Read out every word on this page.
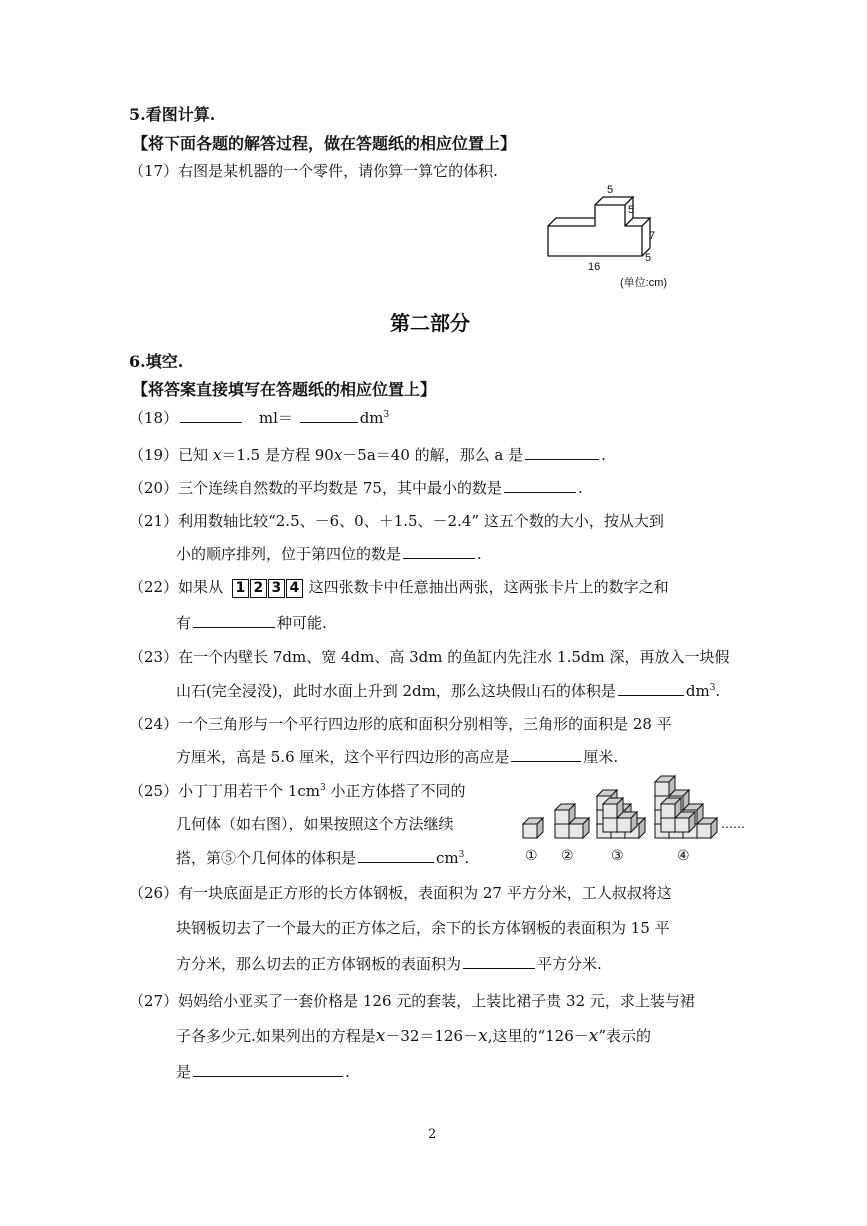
5.看图计算.
【将下面各题的解答过程，做在答题纸的相应位置上】
（17）右图是某机器的一个零件，请你算一算它的体积.
5
5
7
5
16
(单位:cm)
第二部分
6.填空.
【将答案直接填写在答题纸的相应位置上】
（18）	ml＝	$dm^3$
（19）已知 x＝1.5 是方程 90x－5a＝40 的解，那么 a 是	.
（20）三个连续自然数的平均数是 75，其中最小的数是	.
（21）利用数轴比较“2.5、－6、0、＋1.5、－2.4” 这五个数的大小，按从大到
小的顺序排列，位于第四位的数是	.
（22）如果从 1 2 3 4 这四张数卡中任意抽出两张，这两张卡片上的数字之和
有	种可能.
（23）在一个内壁长 7dm、宽 4dm、高 3dm 的鱼缸内先注水 1.5dm 深，再放入一块假
山石(完全浸没)，此时水面上升到 2dm，那么这块假山石的体积是	$dm^3$.
（24）一个三角形与一个平行四边形的底和面积分别相等，三角形的面积是 28 平
方厘米，高是 5.6 厘米，这个平行四边形的高应是	厘米.
（25）小丁丁用若干个 $1cm^3$ 小正方体搭了不同的
几何体（如右图），如果按照这个方法继续
搭，第⑤个几何体的体积是	$cm^3$.	① ②	③	④
……
（26）有一块底面是正方形的长方体钢板，表面积为 27 平方分米，工人叔叔将这
块钢板切去了一个最大的正方体之后，余下的长方体钢板的表面积为 15 平
方分米，那么切去的正方体钢板的表面积为	平方分米.
（27）妈妈给小亚买了一套价格是 126 元的套装，上装比裙子贵 32 元，求上装与裙
子各多少元.如果列出的方程是x－32＝126－x,这里的“126－x”表示的
是	.
2
